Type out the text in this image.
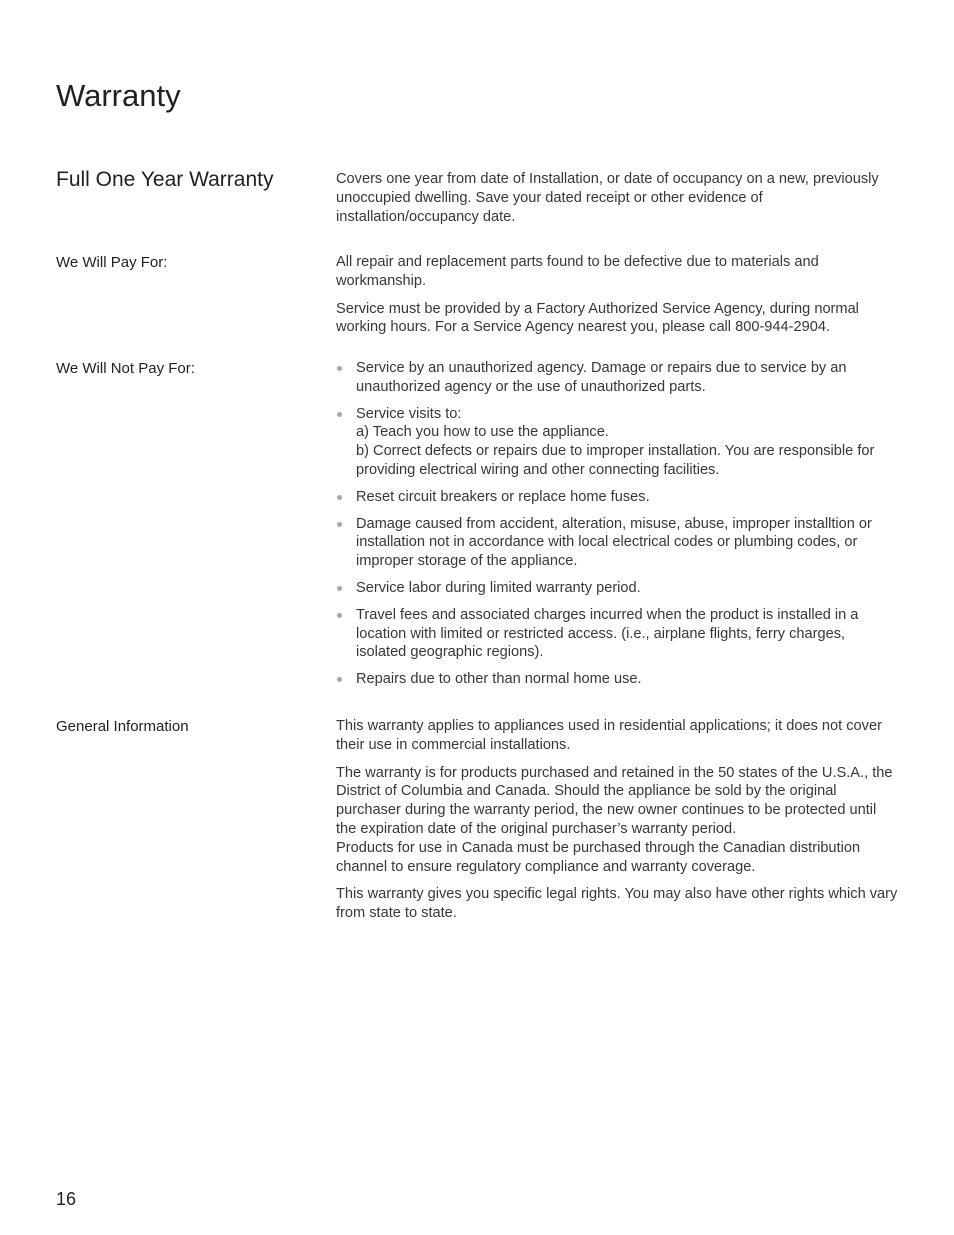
Warranty
Full One Year Warranty	Covers one year from date of Installation, or date of occupancy on a new, previously unoccupied dwelling. Save your dated receipt or other evidence of installation/occupancy date.

We Will Pay For:	All repair and replacement parts found to be defective due to materials and workmanship.

Service must be provided by a Factory Authorized Service Agency, during normal working hours. For a Service Agency nearest you, please call 800-944-2904.

We Will Not Pay For:	Service by an unauthorized agency. Damage or repairs due to service by an unauthorized agency or the use of unauthorized parts.
Service visits to:
a) Teach you how to use the appliance.
b) Correct defects or repairs due to improper installation. You are responsible for providing electrical wiring and other connecting facilities.
Reset circuit breakers or replace home fuses.
Damage caused from accident, alteration, misuse, abuse, improper installtion or installation not in accordance with local electrical codes or plumbing codes, or improper storage of the appliance.
Service labor during limited warranty period.
Travel fees and associated charges incurred when the product is installed in a location with limited or restricted access. (i.e., airplane flights, ferry charges, isolated geographic regions).
Repairs due to other than normal home use.
General Information	This warranty applies to appliances used in residential applications; it does not cover their use in commercial installations.

The warranty is for products purchased and retained in the 50 states of the U.S.A., the District of Columbia and Canada. Should the appliance be sold by the original purchaser during the warranty period, the new owner continues to be protected until the expiration date of the original purchaser’s warranty period.

Products for use in Canada must be purchased through the Canadian distribution channel to ensure regulatory compliance and warranty coverage.

This warranty gives you specific legal rights. You may also have other rights which vary from state to state.

16
